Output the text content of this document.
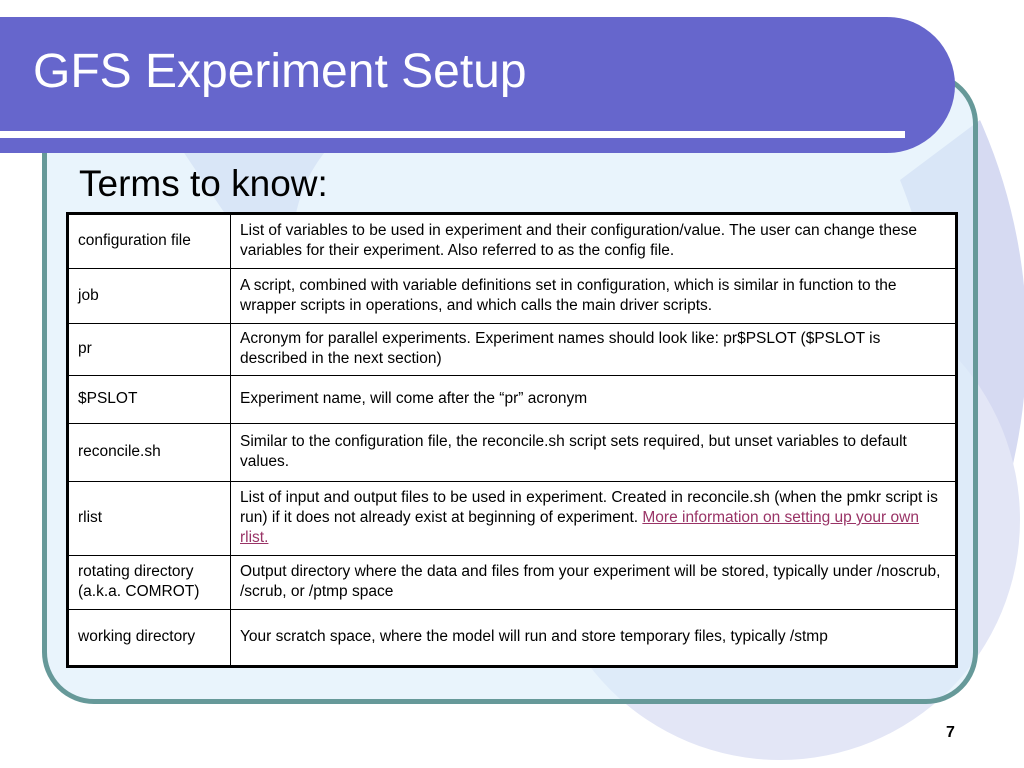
GFS Experiment Setup
Terms to know:
configuration file	List of variables to be used in experiment and their configuration/value. The user can change these variables for their experiment. Also referred to as the config file.
job	A script, combined with variable definitions set in configuration, which is similar in function to the wrapper scripts in operations, and which calls the main driver scripts.
pr	Acronym for parallel experiments. Experiment names should look like: pr$PSLOT ($PSLOT is described in the next section)
$PSLOT	Experiment name, will come after the “pr” acronym
reconcile.sh	Similar to the configuration file, the reconcile.sh script sets required, but unset variables to default values.
rlist	List of input and output files to be used in experiment. Created in reconcile.sh (when the pmkr script is run) if it does not already exist at beginning of experiment. More information on setting up your own rlist.
rotating directory (a.k.a. COMROT)	Output directory where the data and files from your experiment will be stored, typically under /noscrub, /scrub, or /ptmp space
working directory	Your scratch space, where the model will run and store temporary files, typically /stmp
7
